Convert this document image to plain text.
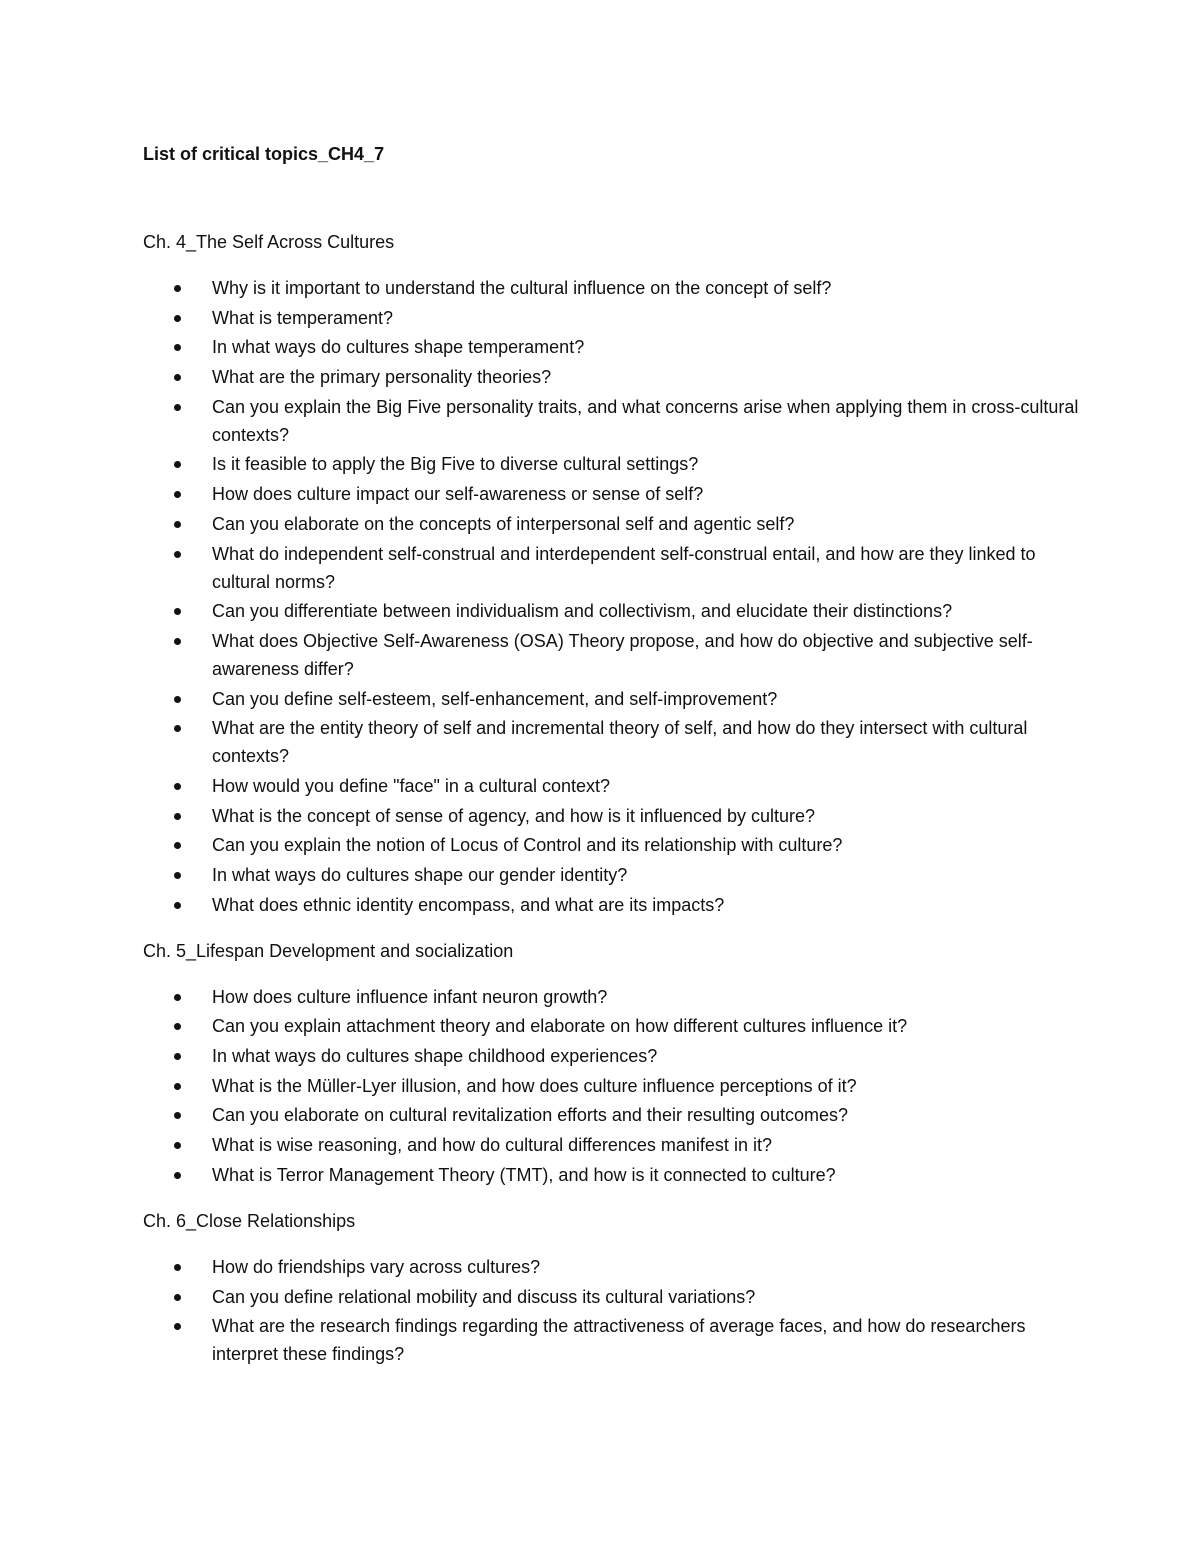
List of critical topics_CH4_7
Ch. 4_The Self Across Cultures
Why is it important to understand the cultural influence on the concept of self?
What is temperament?
In what ways do cultures shape temperament?
What are the primary personality theories?
Can you explain the Big Five personality traits, and what concerns arise when applying them in cross-cultural contexts?
Is it feasible to apply the Big Five to diverse cultural settings?
How does culture impact our self-awareness or sense of self?
Can you elaborate on the concepts of interpersonal self and agentic self?
What do independent self-construal and interdependent self-construal entail, and how are they linked to cultural norms?
Can you differentiate between individualism and collectivism, and elucidate their distinctions?
What does Objective Self-Awareness (OSA) Theory propose, and how do objective and subjective self-awareness differ?
Can you define self-esteem, self-enhancement, and self-improvement?
What are the entity theory of self and incremental theory of self, and how do they intersect with cultural contexts?
How would you define "face" in a cultural context?
What is the concept of sense of agency, and how is it influenced by culture?
Can you explain the notion of Locus of Control and its relationship with culture?
In what ways do cultures shape our gender identity?
What does ethnic identity encompass, and what are its impacts?
Ch. 5_Lifespan Development and socialization
How does culture influence infant neuron growth?
Can you explain attachment theory and elaborate on how different cultures influence it?
In what ways do cultures shape childhood experiences?
What is the Müller-Lyer illusion, and how does culture influence perceptions of it?
Can you elaborate on cultural revitalization efforts and their resulting outcomes?
What is wise reasoning, and how do cultural differences manifest in it?
What is Terror Management Theory (TMT), and how is it connected to culture?
Ch. 6_Close Relationships
How do friendships vary across cultures?
Can you define relational mobility and discuss its cultural variations?
What are the research findings regarding the attractiveness of average faces, and how do researchers interpret these findings?
